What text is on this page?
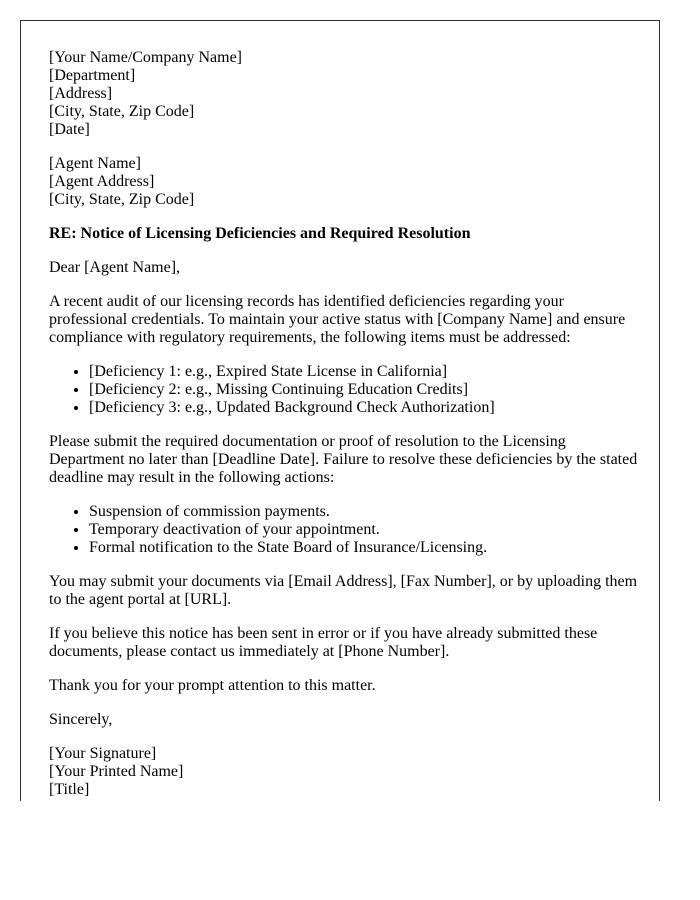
[Your Name/Company Name]
[Department]
[Address]
[City, State, Zip Code]
[Date]

[Agent Name]
[Agent Address]
[City, State, Zip Code]

RE: Notice of Licensing Deficiencies and Required Resolution

Dear [Agent Name],

A recent audit of our licensing records has identified deficiencies regarding your professional credentials. To maintain your active status with [Company Name] and ensure compliance with regulatory requirements, the following items must be addressed:

• [Deficiency 1: e.g., Expired State License in California]
• [Deficiency 2: e.g., Missing Continuing Education Credits]
• [Deficiency 3: e.g., Updated Background Check Authorization]

Please submit the required documentation or proof of resolution to the Licensing Department no later than [Deadline Date]. Failure to resolve these deficiencies by the stated deadline may result in the following actions:

• Suspension of commission payments.
• Temporary deactivation of your appointment.
• Formal notification to the State Board of Insurance/Licensing.

You may submit your documents via [Email Address], [Fax Number], or by uploading them to the agent portal at [URL].

If you believe this notice has been sent in error or if you have already submitted these documents, please contact us immediately at [Phone Number].

Thank you for your prompt attention to this matter.

Sincerely,

[Your Signature]
[Your Printed Name]
[Title]
